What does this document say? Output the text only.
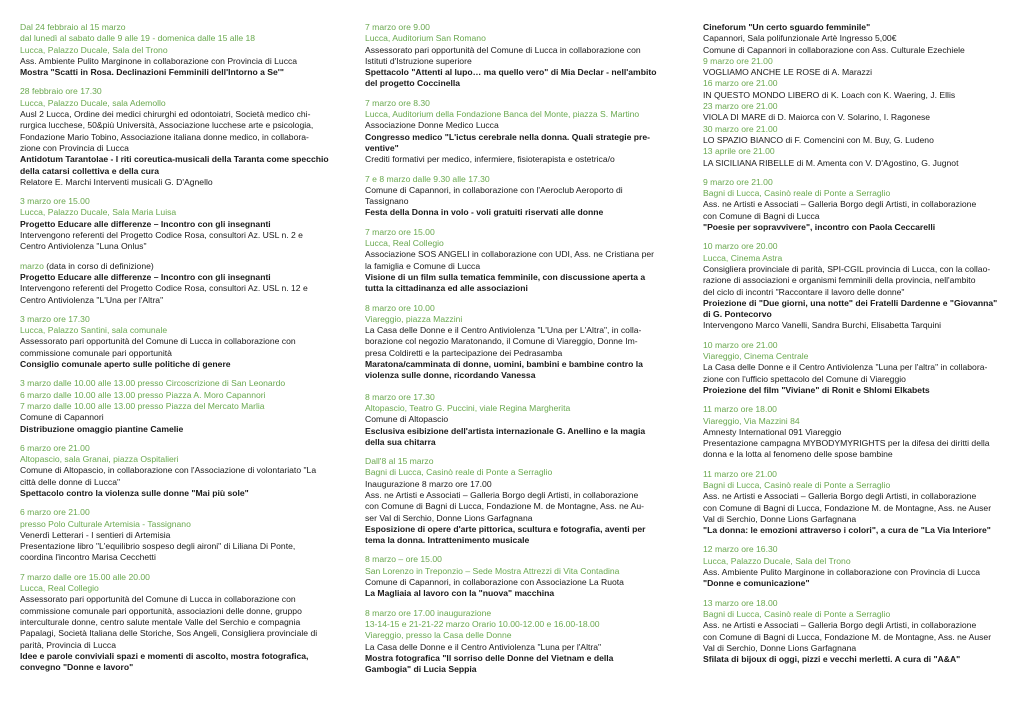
Dal 24 febbraio al 15 marzo

dal lunedì al sabato dalle 9 alle 19 - domenica dalle 15 alle 18

Lucca, Palazzo Ducale, Sala del Trono

Ass. Ambiente Pulito Marginone in collaborazione con Provincia di Lucca

Mostra "Scatti in Rosa. Declinazioni Femminili dell'Intorno a Se'"

28 febbraio ore 17.30

Lucca, Palazzo Ducale, sala Ademollo

Ausl 2 Lucca, Ordine dei medici chirurghi ed odontoiatri, Società medico chi-

rurgica lucchese, 50&più Università, Associazione lucchese arte e psicologia,

Fondazione Mario Tobino, Associazione italiana donne medico, in collabora-

zione con Provincia di Lucca

Antidotum Tarantolae - I riti coreutica-musicali della Taranta come specchio

della catarsi collettiva e della cura

Relatore E. Marchi Interventi musicali G. D'Agnello

3 marzo ore 15.00

Lucca, Palazzo Ducale, Sala Maria Luisa

Progetto Educare alle differenze – Incontro con gli insegnanti

Intervengono referenti del Progetto Codice Rosa, consultori Az. USL n. 2 e

Centro Antiviolenza "Luna Onlus"

marzo (data in corso di definizione)

Progetto Educare alle differenze – Incontro con gli insegnanti

Intervengono referenti del Progetto Codice Rosa, consultori Az. USL n. 12 e

Centro Antiviolenza "L'Una per l'Altra"

3 marzo ore 17.30

Lucca, Palazzo Santini, sala comunale

Assessorato pari opportunità del Comune di Lucca in collaborazione con

commissione comunale pari opportunità

Consiglio comunale aperto sulle politiche di genere

3 marzo dalle 10.00 alle 13.00 presso Circoscrizione di San Leonardo

6 marzo dalle 10.00 alle 13.00 presso Piazza A. Moro Capannori

7 marzo dalle 10.00 alle 13.00 presso Piazza del Mercato Marlia

Comune di Capannori

Distribuzione omaggio piantine Camelie

6 marzo ore 21.00

Altopascio, sala Granai, piazza Ospitalieri

Comune di Altopascio, in collaborazione con l'Associazione di volontariato "La

città delle donne di Lucca"

Spettacolo contro la violenza sulle donne "Mai più sole"

6 marzo ore 21.00

presso Polo Culturale Artemisia - Tassignano

Venerdì Letterari - I sentieri di Artemisia

Presentazione libro "L'equilibrio sospeso degli aironi" di Liliana Di Ponte,

coordina l'incontro Marisa Cecchetti

7 marzo dalle ore 15.00 alle 20.00

Lucca, Real Collegio

Assessorato pari opportunità del Comune di Lucca in collaborazione con

commissione comunale pari opportunità, associazioni delle donne, gruppo

interculturale donne, centro salute mentale Valle del Serchio e compagnia

Papalagi, Società Italiana delle Storiche, Sos Angeli, Consigliera provinciale di

parità, Provincia di Lucca

Idee e parole conviviali spazi e momenti di ascolto, mostra fotografica,

convegno "Donne e lavoro"

7 marzo ore 9.00

Lucca, Auditorium San Romano

Assessorato pari opportunità del Comune di Lucca in collaborazione con

Istituti d'Istruzione superiore

Spettacolo "Attenti al lupo… ma quello vero" di Mia Declar - nell'ambito

del progetto Coccinella

7 marzo ore 8.30

Lucca, Auditorium della Fondazione Banca del Monte, piazza S. Martino

Associazione Donne Medico Lucca

Congresso medico "L'ictus cerebrale nella donna. Quali strategie pre-

ventive"

Crediti formativi per medico, infermiere, fisioterapista e ostetrica/o

7 e 8 marzo dalle 9.30 alle 17.30

Comune di Capannori, in collaborazione con l'Aeroclub Aeroporto di

Tassignano

Festa della Donna in volo - voli gratuiti riservati alle donne

7 marzo ore 15.00

Lucca, Real Collegio

Associazione SOS ANGELI in collaborazione con UDI, Ass. ne Cristiana per

la famiglia e Comune di Lucca

Visione di un film sulla tematica femminile, con discussione aperta a

tutta la cittadinanza ed alle associazioni

8 marzo ore 10.00

Viareggio, piazza Mazzini

La Casa delle Donne e il Centro Antiviolenza "L'Una per L'Altra", in colla-

borazione col negozio Maratonando, il Comune di Viareggio, Donne Im-

presa Coldiretti e la partecipazione dei Pedrasamba

Maratona/camminata di donne, uomini, bambini e bambine contro la

violenza sulle donne, ricordando Vanessa

8 marzo ore 17.30

Altopascio, Teatro G. Puccini, viale Regina Margherita

Comune di Altopascio

Esclusiva esibizione dell'artista internazionale G. Anellino e la magia

della sua chitarra

Dall'8 al 15 marzo

Bagni di Lucca, Casinò reale di Ponte a Serraglio

Inaugurazione 8 marzo ore 17.00

Ass. ne Artisti e Associati – Galleria Borgo degli Artisti, in collaborazione

con Comune di Bagni di Lucca, Fondazione M. de Montagne, Ass. ne Au-

ser Val di Serchio, Donne Lions Garfagnana

Esposizione di opere d'arte pittorica, scultura e fotografia, aventi per

tema la donna. Intrattenimento musicale

8 marzo – ore 15.00

San Lorenzo in Treponzio – Sede Mostra Attrezzi di Vita Contadina

Comune di Capannori, in collaborazione con Associazione La Ruota

La Magliaia al lavoro con la "nuova" macchina

8 marzo ore 17.00 inaugurazione

13-14-15 e 21-21-22 marzo Orario 10.00-12.00 e 16.00-18.00

Viareggio, presso la Casa delle Donne

La Casa delle Donne e il Centro Antiviolenza "Luna per l'Altra"

Mostra fotografica "Il sorriso delle Donne del Vietnam e della

Gambogia" di Lucia Seppia

Cineforum "Un certo sguardo femminile"

Capannori, Sala polifunzionale Artè Ingresso 5,00€

Comune di Capannori in collaborazione con Ass. Culturale Ezechiele

9 marzo ore 21.00

VOGLIAMO ANCHE LE ROSE di A. Marazzi

16 marzo ore 21.00

IN QUESTO MONDO LIBERO di K. Loach con K. Waering, J. Ellis

23 marzo ore 21.00

VIOLA DI MARE di D. Maiorca con V. Solarino, I. Ragonese

30 marzo ore 21.00

LO SPAZIO BIANCO di F. Comencini con M. Buy, G. Ludeno

13 aprile ore 21.00

LA SICILIANA RIBELLE di M. Amenta con V. D'Agostino, G. Jugnot

9 marzo ore 21.00

Bagni di Lucca, Casinò reale di Ponte a Serraglio

Ass. ne Artisti e Associati – Galleria Borgo degli Artisti, in collaborazione

con Comune di Bagni di Lucca

"Poesie per sopravvivere", incontro con Paola Ceccarelli

10 marzo ore 20.00

Lucca, Cinema Astra

Consigliera provinciale di parità, SPI-CGIL provincia di Lucca, con la collao-

razione di associazioni e organismi femminili della provincia, nell'ambito

del ciclo di incontri "Raccontare il lavoro delle donne"

Proiezione di "Due giorni, una notte" dei Fratelli Dardenne e "Giovanna"

di G. Pontecorvo

Intervengono Marco Vanelli, Sandra Burchi, Elisabetta Tarquini

10 marzo ore 21.00

Viareggio, Cinema Centrale

La Casa delle Donne e il Centro Antiviolenza "Luna per l'altra" in collabora-

zione con l'ufficio spettacolo del Comune di Viareggio

Proiezione del film "Viviane" di Ronit e Shlomi Elkabets

11 marzo ore 18.00

Viareggio, Via Mazzini 84

Amnesty International 091 Viareggio

Presentazione campagna MYBODYMYRIGHTS per la difesa dei diritti della

donna e la lotta al fenomeno delle spose bambine

11 marzo ore 21.00

Bagni di Lucca, Casinò reale di Ponte a Serraglio

Ass. ne Artisti e Associati – Galleria Borgo degli Artisti, in collaborazione

con Comune di Bagni di Lucca, Fondazione M. de Montagne, Ass. ne Auser

Val di Serchio, Donne Lions Garfagnana

"La donna: le emozioni attraverso i colori", a cura de "La Via Interiore"

12 marzo ore 16.30

Lucca, Palazzo Ducale, Sala del Trono

Ass. Ambiente Pulito Marginone in collaborazione con Provincia di Lucca

"Donne e comunicazione"

13 marzo ore 18.00

Bagni di Lucca, Casinò reale di Ponte a Serraglio

Ass. ne Artisti e Associati – Galleria Borgo degli Artisti, in collaborazione

con Comune di Bagni di Lucca, Fondazione M. de Montagne, Ass. ne Auser

Val di Serchio, Donne Lions Garfagnana

Sfilata di bijoux di oggi, pizzi e vecchi merletti. A cura di "A&A"
